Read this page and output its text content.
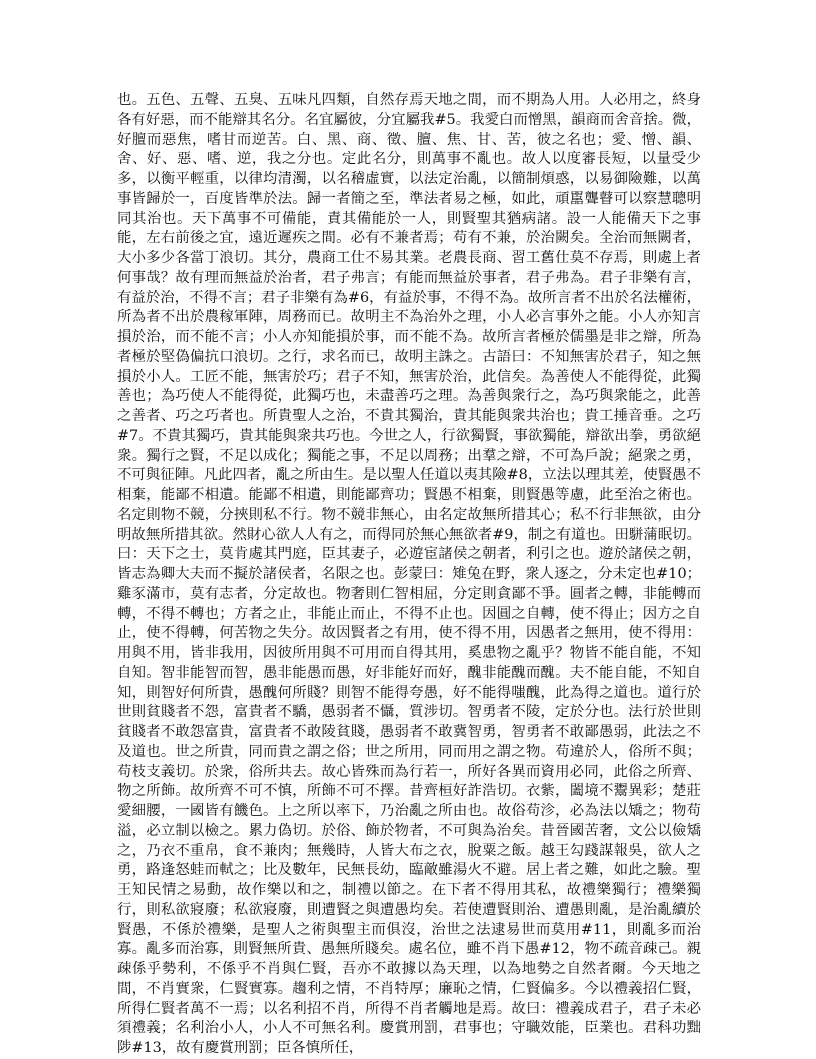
也。五色、五聲、五臭、五味凡四類，自然存焉天地之間，而不期為人用。人必用之，終身各有好惡，而不能辯其名分。名宜屬彼，分宜屬我#5。我愛白而憎黑，韻商而舍音捨。微，好膻而惡焦，嗜甘而逆苦。白、黑、商、徵、膻、焦、甘、苦，彼之名也；愛、憎、韻、舍、好、惡、嗜、逆，我之分也。定此名分，則萬事不亂也。故人以度審長短，以量受少多，以衡平輕重，以律均清濁，以名稽虛實，以法定治亂，以簡制煩惑，以易御險難，以萬事皆歸於一，百度皆準於法。歸一者簡之至，準法者易之極，如此，頑嚚聾瞽可以察慧聰明同其治也。天下萬事不可備能，責其備能於一人，則賢聖其猶病諸。設一人能備天下之事能，左右前後之宜，遠近遲疾之間。必有不兼者焉；苟有不兼，於治闕矣。全治而無闕者，大小多少各當丁浪切。其分，農商工仕不易其業。老農長商、習工舊仕莫不存焉，則處上者何事哉？故有理而無益於治者，君子弗言；有能而無益於事者，君子弗為。君子非樂有言，有益於治，不得不言；君子非樂有為#6，有益於事，不得不為。故所言者不出於名法權術，所為者不出於農稼軍陣，周務而已。故明主不為治外之理，小人必言事外之能。小人亦知言損於治，而不能不言；小人亦知能損於事，而不能不為。故所言者極於儒墨是非之辯，所為者極於堅偽偏抗口浪切。之行，求名而已，故明主誅之。古語曰：不知無害於君子，知之無損於小人。工匠不能，無害於巧；君子不知，無害於治，此信矣。為善使人不能得從，此獨善也；為巧使人不能得從，此獨巧也，未盡善巧之理。為善與衆行之，為巧與衆能之，此善之善者、巧之巧者也。所貴聖人之治，不貴其獨治，貴其能與衆共治也；貴工捶音垂。之巧#7。不貴其獨巧，貴其能與衆共巧也。今世之人，行欲獨賢，事欲獨能，辯欲出拳，勇欲絕衆。獨行之賢，不足以成化；獨能之事，不足以周務；出羣之辯，不可為戶說；絕衆之勇，不可與征陣。凡此四者，亂之所由生。是以聖人任道以夷其險#8，立法以理其差，使賢愚不相棄，能鄙不相遺。能鄙不相遺，則能鄙齊功；賢愚不相棄，則賢愚等慮，此至治之術也。名定則物不競，分挾則私不行。物不競非無心，由名定故無所措其心；私不行非無欲，由分明故無所措其欲。然財心欲人人有之，而得同於無心無欲者#9，制之有道也。田駢蒲眠切。曰：天下之士，莫肯處其門庭，臣其妻子，必遊宦諸侯之朝者，利引之也。遊於諸侯之朝，皆志為卿大夫而不擬於諸侯者，名限之也。彭蒙曰：雉兔在野，衆人逐之，分未定也#10；雞豕滿市，莫有志者，分定故也。物奢則仁智相屈，分定則貪鄙不爭。圓者之轉，非能轉而轉，不得不轉也；方者之止，非能止而止，不得不止也。因圓之自轉，使不得止；因方之自止，使不得轉，何苦物之失分。故因賢者之有用，使不得不用，因愚者之無用，使不得用：用與不用，皆非我用，因彼所用與不可用而自得其用，奚患物之亂乎？物皆不能自能，不知自知。智非能智而智，愚非能愚而愚，好非能好而好，醜非能醜而醜。夫不能自能，不知自知，則智好何所貴，愚醜何所賤？則智不能得夸愚，好不能得嗤醜，此為得之道也。道行於世則貧賤者不怨，富貴者不驕，愚弱者不懾，質涉切。智勇者不陵，定於分也。法行於世則貧賤者不敢怨富貴，富貴者不敢陵貧賤，愚弱者不敢冀智勇，智勇者不敢鄙愚弱，此法之不及道也。世之所貴，同而貴之謂之俗；世之所用，同而用之謂之物。苟違於人，俗所不與；苟枝支義切。於衆，俗所共去。故心皆殊而為行若一，所好各異而資用必同，此俗之所齊、物之所飾。故所齊不可不慎，所飾不可不擇。昔齊桓好詐浩切。衣紫，闔境不鬻異彩；楚莊愛細腰，一國皆有饑色。上之所以率下，乃治亂之所由也。故俗苟沴，必為法以矯之；物苟溢，必立制以檢之。累力偽切。於俗、飾於物者，不可與為治矣。昔晉國苦奢，文公以儉矯之，乃衣不重帛，食不兼肉；無幾時，人皆大布之衣，脫粟之飯。越王勾踐謀報吳，欲人之勇，路逢怒蛙而軾之；比及數年，民無長幼，臨敵雖湯火不避。居上者之難，如此之驗。聖王知民情之易動，故作樂以和之，制禮以節之。在下者不得用其私，故禮樂獨行；禮樂獨行，則私欲寢廢；私欲寢廢，則遭賢之與遭愚均矣。若使遭賢則治、遭愚則亂，是治亂續於賢愚，不係於禮樂，是聖人之術與聖主而俱沒，治世之法逮易世而莫用#11，則亂多而治寡。亂多而治寡，則賢無所貴、愚無所賤矣。處名位，雖不肖下愚#12，物不疏音疎己。親疎係乎勢利，不係乎不肖與仁賢，吾亦不敢據以為天理，以為地勢之自然者爾。今天地之間，不肖實衆，仁賢實寡。趨利之情，不肖特厚；廉恥之情，仁賢偏多。今以禮義招仁賢，所得仁賢者萬不一焉；以名利招不肖，所得不肖者觸地是焉。故曰：禮義成君子，君子未必須禮義；名利治小人，小人不可無名利。慶賞刑罰，君事也；守職效能，臣業也。君科功黜陟#13，故有慶賞刑罰；臣各慎所任，
